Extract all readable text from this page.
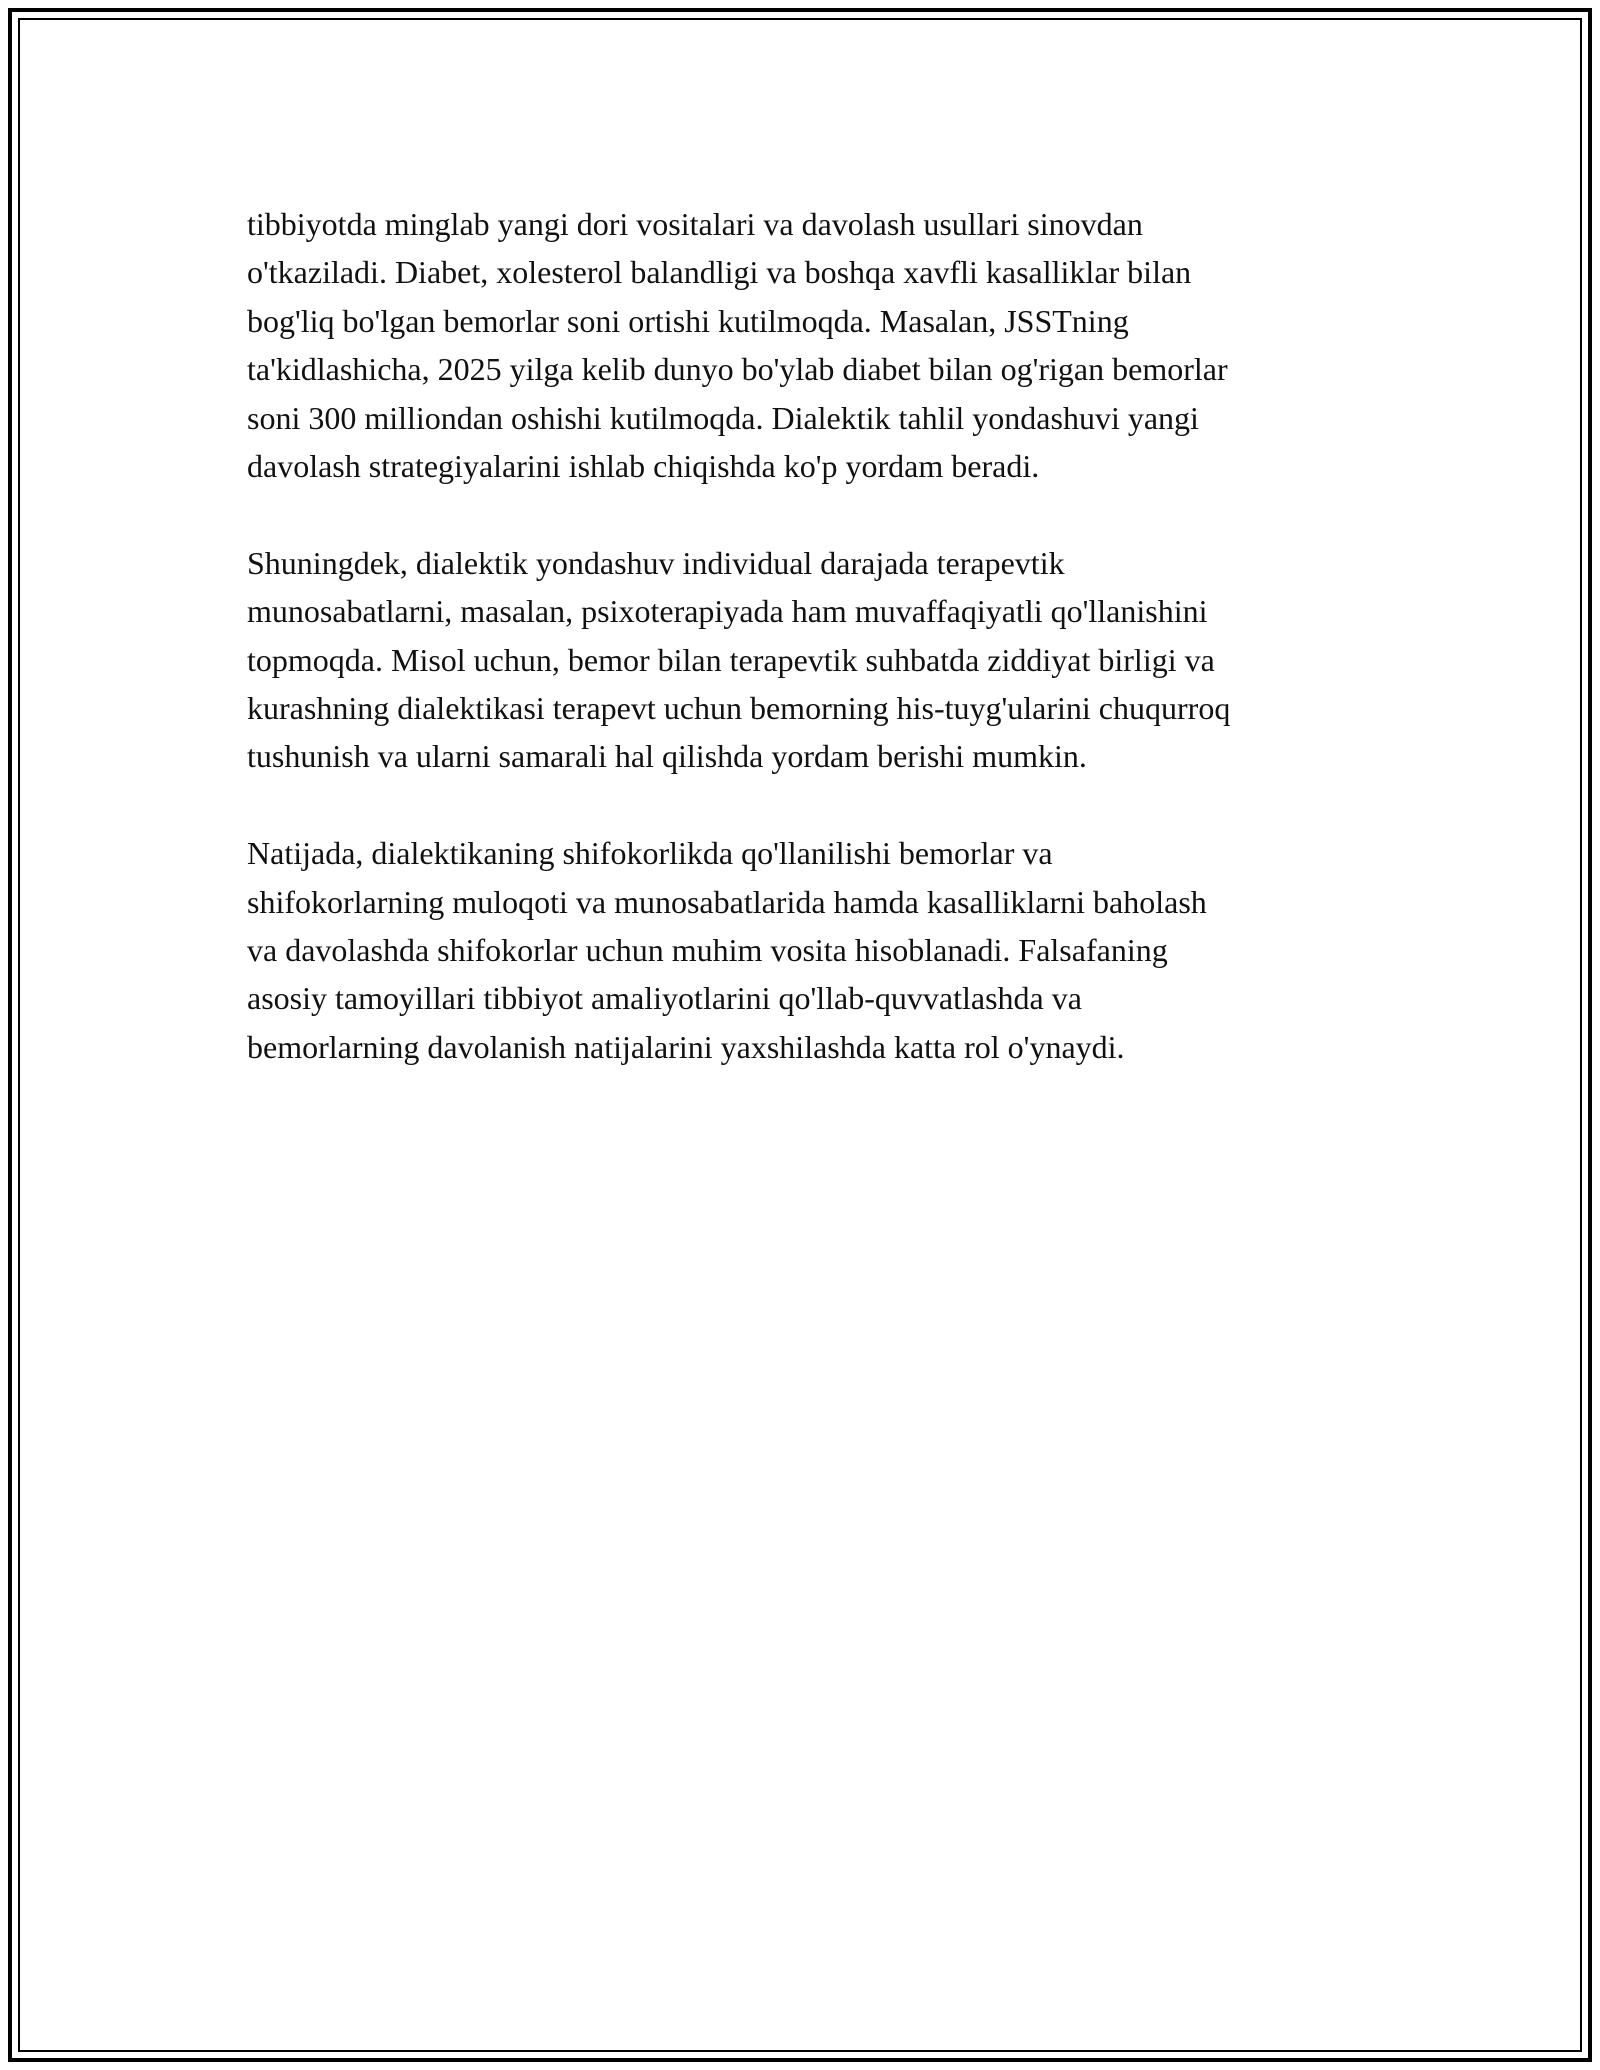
tibbiyotda minglab yangi dori vositalari va davolash usullari sinovdan
o'tkaziladi. Diabet, xolesterol balandligi va boshqa xavfli kasalliklar bilan
bog'liq bo'lgan bemorlar soni ortishi kutilmoqda. Masalan, JSSTning
ta'kidlashicha, 2025 yilga kelib dunyo bo'ylab diabet bilan og'rigan bemorlar
soni 300 milliondan oshishi kutilmoqda. Dialektik tahlil yondashuvi yangi
davolash strategiyalarini ishlab chiqishda ko'p yordam beradi.

Shuningdek, dialektik yondashuv individual darajada terapevtik
munosabatlarni, masalan, psixoterapiyada ham muvaffaqiyatli qo'llanishini
topmoqda. Misol uchun, bemor bilan terapevtik suhbatda ziddiyat birligi va
kurashning dialektikasi terapevt uchun bemorning his-tuyg'ularini chuqurroq
tushunish va ularni samarali hal qilishda yordam berishi mumkin.

Natijada, dialektikaning shifokorlikda qo'llanilishi bemorlar va
shifokorlarning muloqoti va munosabatlarida hamda kasalliklarni baholash
va davolashda shifokorlar uchun muhim vosita hisoblanadi. Falsafaning
asosiy tamoyillari tibbiyot amaliyotlarini qo'llab-quvvatlashda va
bemorlarning davolanish natijalarini yaxshilashda katta rol o'ynaydi.
